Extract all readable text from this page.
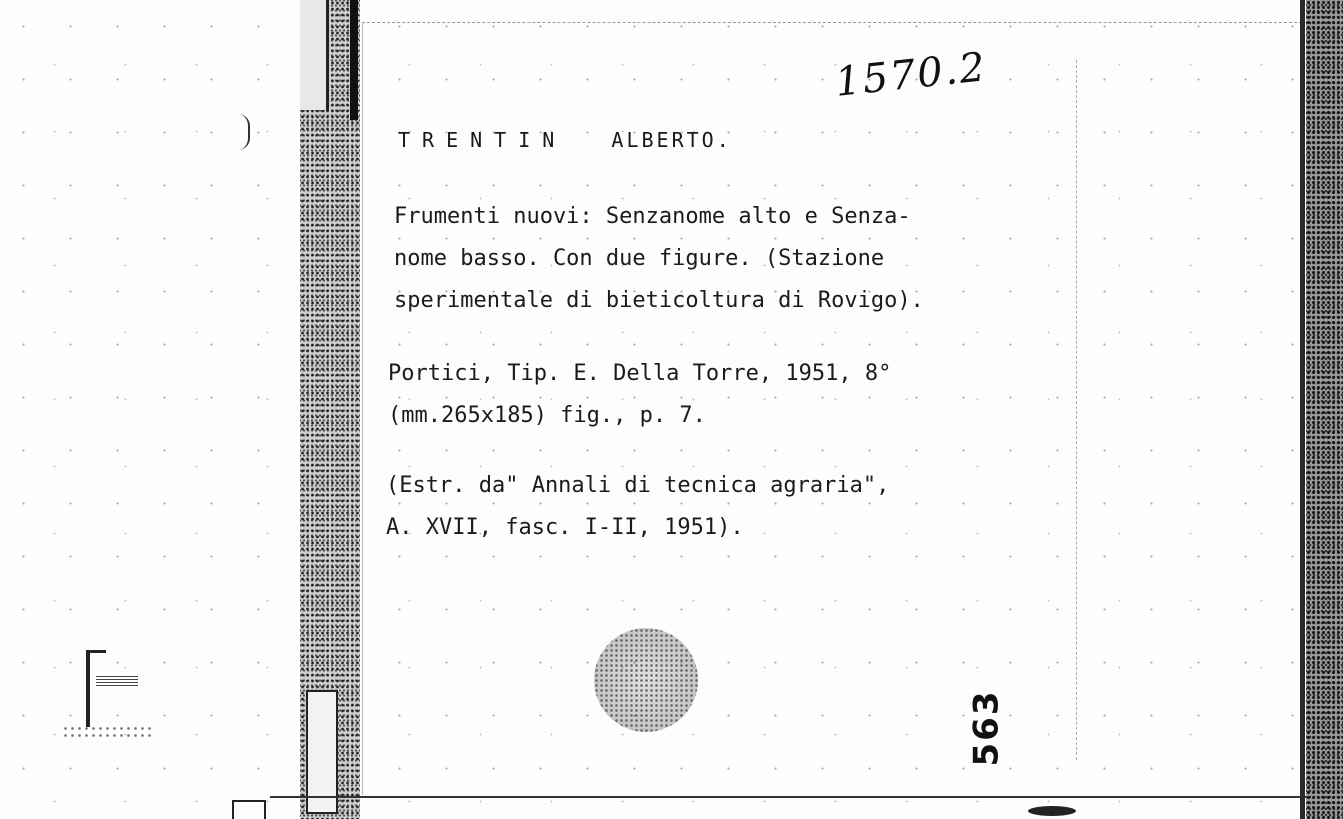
1570.2
TRENTIN ALBERTO.
Frumenti nuovi: Senzanome alto e Senza-
nome basso. Con due figure. (Stazione
sperimentale di bieticoltura di Rovigo).
Portici, Tip. E. Della Torre, 1951, 8°
(mm.265x185) fig., p. 7.
(Estr. da" Annali di tecnica agraria",
A. XVII, fasc. I-II, 1951).
563
